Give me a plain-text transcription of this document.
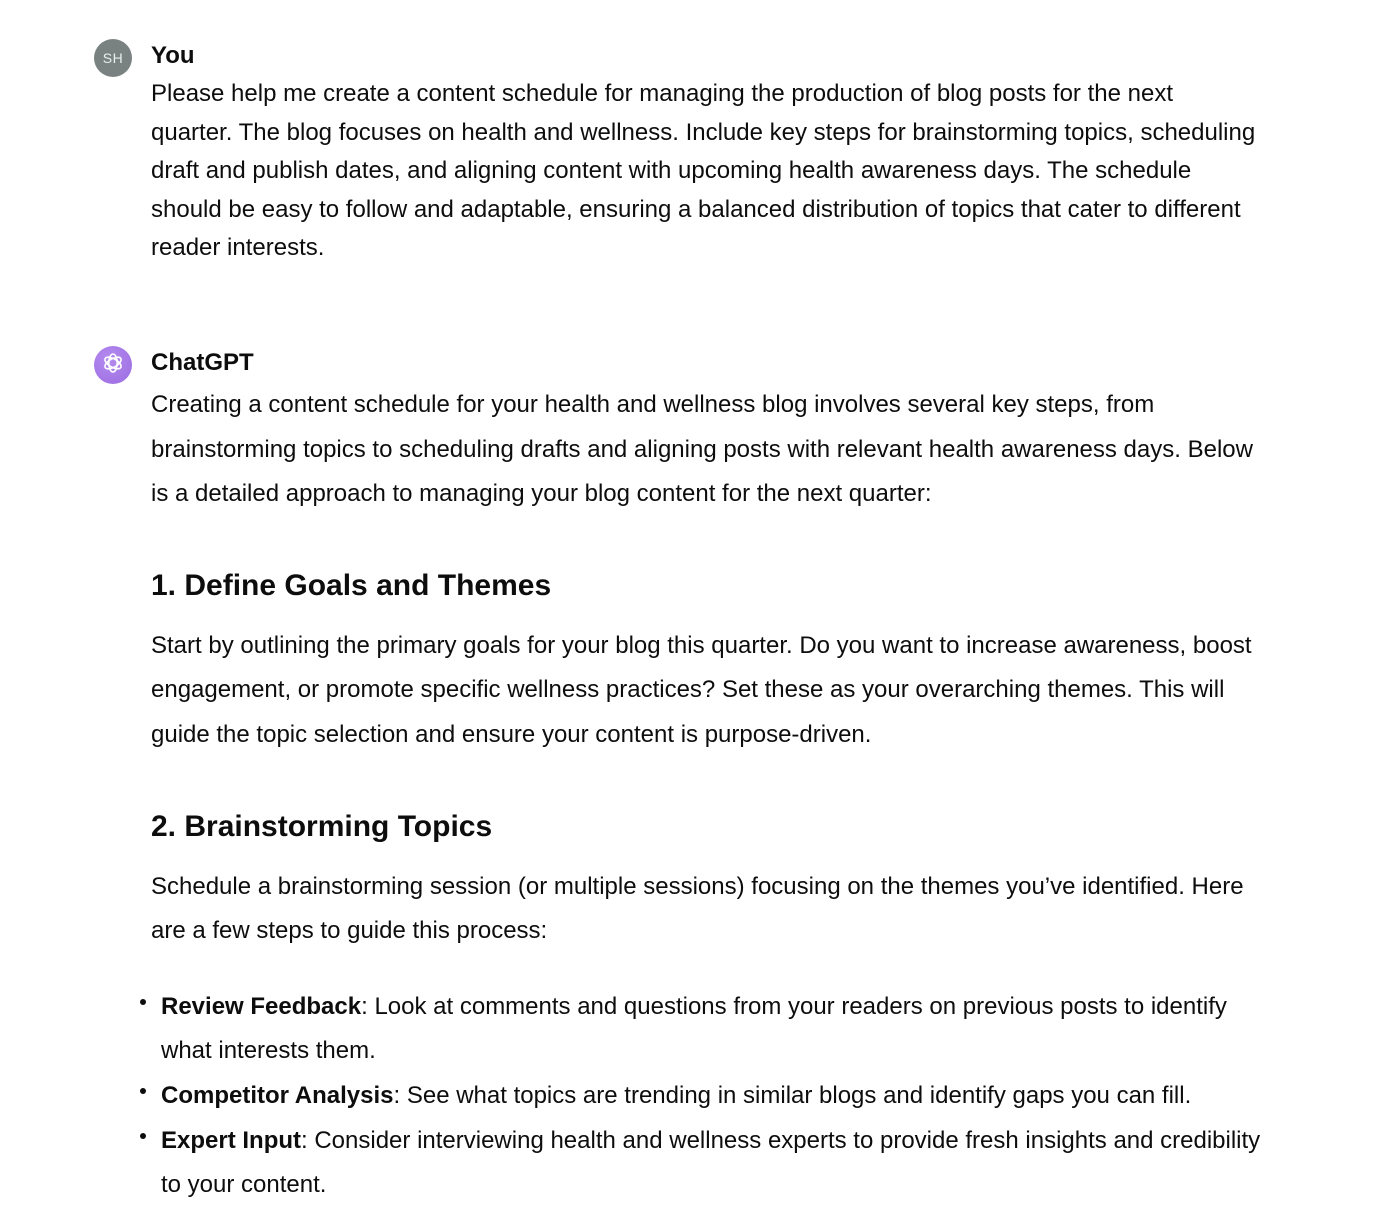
SH You

Please help me create a content schedule for managing the production of blog posts for the next quarter. The blog focuses on health and wellness. Include key steps for brainstorming topics, scheduling draft and publish dates, and aligning content with upcoming health awareness days. The schedule should be easy to follow and adaptable, ensuring a balanced distribution of topics that cater to different reader interests.

ChatGPT

Creating a content schedule for your health and wellness blog involves several key steps, from brainstorming topics to scheduling drafts and aligning posts with relevant health awareness days. Below is a detailed approach to managing your blog content for the next quarter:

1. Define Goals and Themes

Start by outlining the primary goals for your blog this quarter. Do you want to increase awareness, boost engagement, or promote specific wellness practices? Set these as your overarching themes. This will guide the topic selection and ensure your content is purpose-driven.

2. Brainstorming Topics

Schedule a brainstorming session (or multiple sessions) focusing on the themes you’ve identified. Here are a few steps to guide this process:

Review Feedback: Look at comments and questions from your readers on previous posts to identify what interests them.
Competitor Analysis: See what topics are trending in similar blogs and identify gaps you can fill.
Expert Input: Consider interviewing health and wellness experts to provide fresh insights and credibility to your content.
